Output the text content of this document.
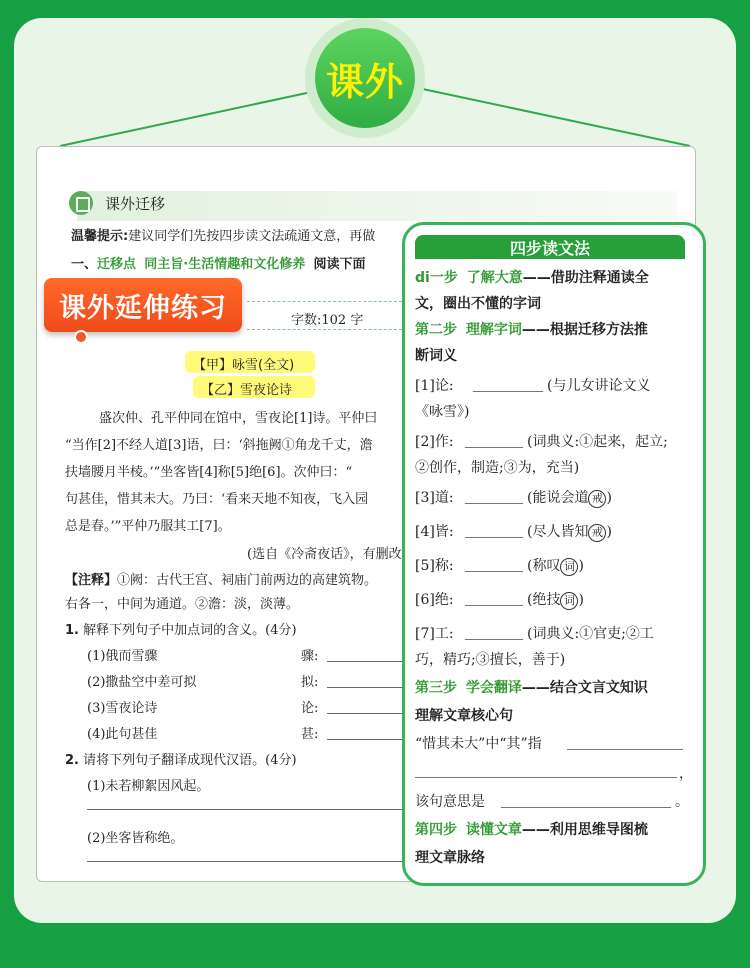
课外
课外迁移
温馨提示:建议同学们先按四步读文法疏通文意，再做
一、迁移点 同主旨·生活情趣和文化修养 阅读下面
字数:102 字
【甲】咏雪(全文)
【乙】雪夜论诗
盛次仲、孔平仲同在馆中，雪夜论[1]诗。平仲曰
“当作[2]不经人道[3]语，曰：‘斜拖阙①角龙千丈，澹
扶墙腰月半棱。’”坐客皆[4]称[5]绝[6]。次仲曰：“
句甚佳，惜其未大。乃曰：‘看来天地不知夜，飞入园
总是春。’”平仲乃服其工[7]。
(选自《冷斋夜话》，有删改
【注释】①阙：古代王宫、祠庙门前两边的高建筑物。
右各一，中间为通道。②澹：淡，淡薄。
1. 解释下列句子中加点词的含义。(4分)
(1)俄而雪骤	骤:
(2)撒盐空中差可拟	拟:
(3)雪夜论诗	论:
(4)此句甚佳	甚:
2. 请将下列句子翻译成现代汉语。(4分)
(1)未若柳絮因风起。
(2)坐客皆称绝。
课外延伸练习
四步读文法
di一步 了解大意——借助注释通读全
文，圈出不懂的字词
第二步 理解字词——根据迁移方法推
断词义
[1]论:	(与儿女讲论文义
《咏雪》)
[2]作:	(词典义:①起来，起立;
②创作，制造;③为，充当)
[3]道:	(能说会道 戒 )
[4]皆:	(尽人皆知 戒 )
[5]称:	(称叹 词 )
[6]绝:	(绝技 词 )
[7]工:	(词典义:①官吏;②工
巧，精巧;③擅长，善于)
第三步 学会翻译——结合文言文知识
理解文章核心句
“惜其未大”中“其”指
，
该句意思是	。
第四步 读懂文章——利用思维导图梳
理文章脉络
